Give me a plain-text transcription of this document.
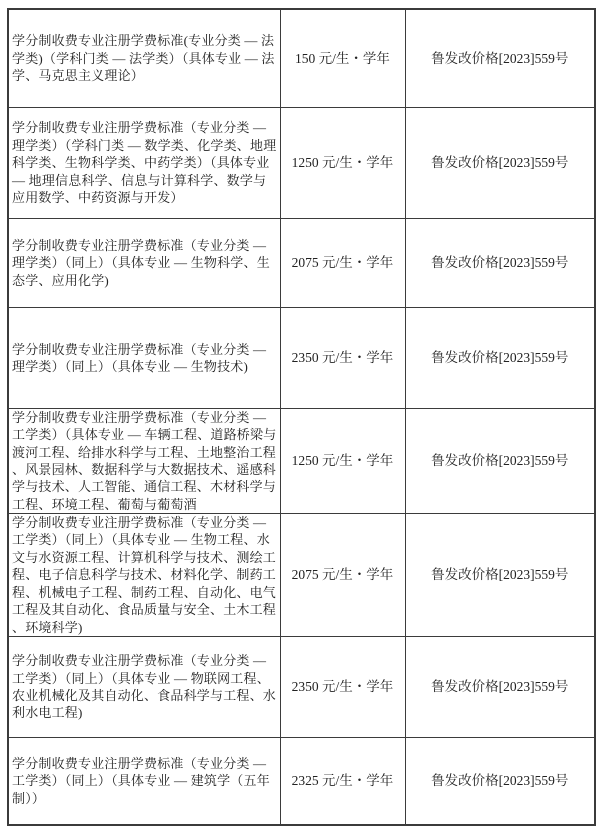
学分制收费专业注册学费标准(专业分类 — 法学类)（学科门类 — 法学类）（具体专业 — 法学、马克思主义理论）	150 元/生・学年	鲁发改价格[2023]559号

学分制收费专业注册学费标准（专业分类 — 理学类）（学科门类 — 数学类、化学类、地理科学类、生物科学类、中药学类）（具体专业 — 地理信息科学、信息与计算科学、数学与应用数学、中药资源与开发）	1250 元/生・学年	鲁发改价格[2023]559号

学分制收费专业注册学费标准（专业分类 — 理学类）（同上）（具体专业 — 生物科学、生态学、应用化学)	2075 元/生・学年	鲁发改价格[2023]559号

学分制收费专业注册学费标准（专业分类 — 理学类）（同上）（具体专业 — 生物技术)	2350 元/生・学年	鲁发改价格[2023]559号

学分制收费专业注册学费标准（专业分类 — 工学类）（具体专业 — 车辆工程、道路桥梁与渡河工程、给排水科学与工程、土地整治工程、风景园林、数据科学与大数据技术、遥感科学与技术、人工智能、通信工程、木材科学与工程、环境工程、葡萄与葡萄酒	1250 元/生・学年	鲁发改价格[2023]559号

学分制收费专业注册学费标准（专业分类 — 工学类）（同上）（具体专业 — 生物工程、水文与水资源工程、计算机科学与技术、测绘工程、电子信息科学与技术、材料化学、制药工程、机械电子工程、制药工程、自动化、电气工程及其自动化、食品质量与安全、土木工程、环境科学)	2075 元/生・学年	鲁发改价格[2023]559号

学分制收费专业注册学费标准（专业分类 — 工学类）（同上）（具体专业 — 物联网工程、农业机械化及其自动化、食品科学与工程、水利水电工程)	2350 元/生・学年	鲁发改价格[2023]559号

学分制收费专业注册学费标准（专业分类 — 工学类）（同上）（具体专业 — 建筑学（五年制））	2325 元/生・学年	鲁发改价格[2023]559号
